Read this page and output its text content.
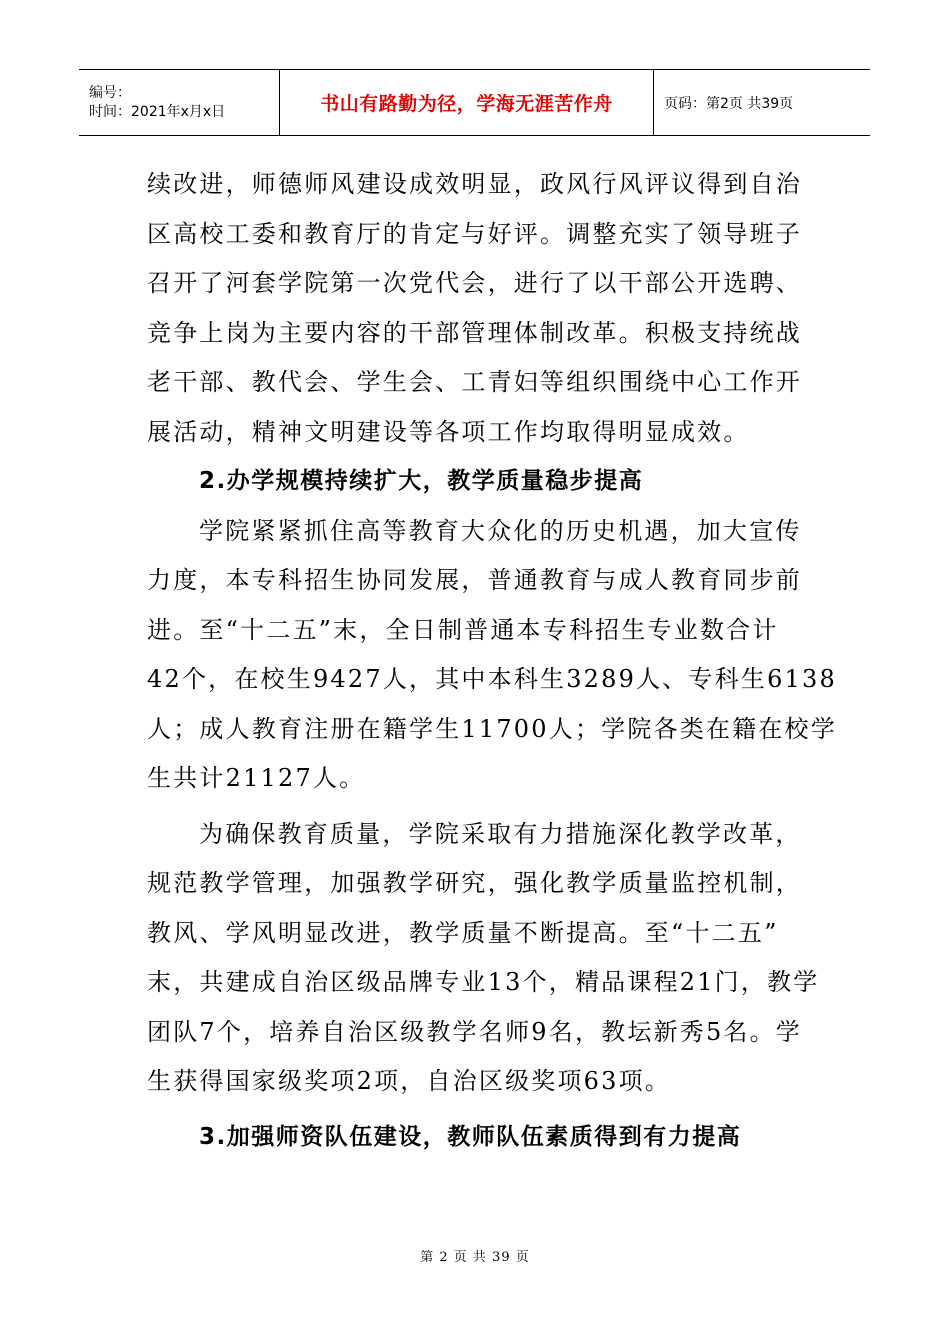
编号：
时间：2021年x月x日	书山有路勤为径，学海无涯苦作舟	页码：第2页 共39页
续改进，师德师风建设成效明显，政风行风评议得到自治
区高校工委和教育厅的肯定与好评。调整充实了领导班子
召开了河套学院第一次党代会，进行了以干部公开选聘、
竞争上岗为主要内容的干部管理体制改革。积极支持统战
老干部、教代会、学生会、工青妇等组织围绕中心工作开
展活动，精神文明建设等各项工作均取得明显成效。
2.办学规模持续扩大，教学质量稳步提高
学院紧紧抓住高等教育大众化的历史机遇，加大宣传
力度，本专科招生协同发展，普通教育与成人教育同步前
进。至“十二五”末，全日制普通本专科招生专业数合计
42个，在校生9427人，其中本科生3289人、专科生6138
人；成人教育注册在籍学生11700人；学院各类在籍在校学
生共计21127人。
为确保教育质量，学院采取有力措施深化教学改革，
规范教学管理，加强教学研究，强化教学质量监控机制，
教风、学风明显改进，教学质量不断提高。至“十二五”
末，共建成自治区级品牌专业13个，精品课程21门，教学
团队7个，培养自治区级教学名师9名，教坛新秀5名。学
生获得国家级奖项2项，自治区级奖项63项。
3.加强师资队伍建设，教师队伍素质得到有力提高
第 2 页 共 39 页
